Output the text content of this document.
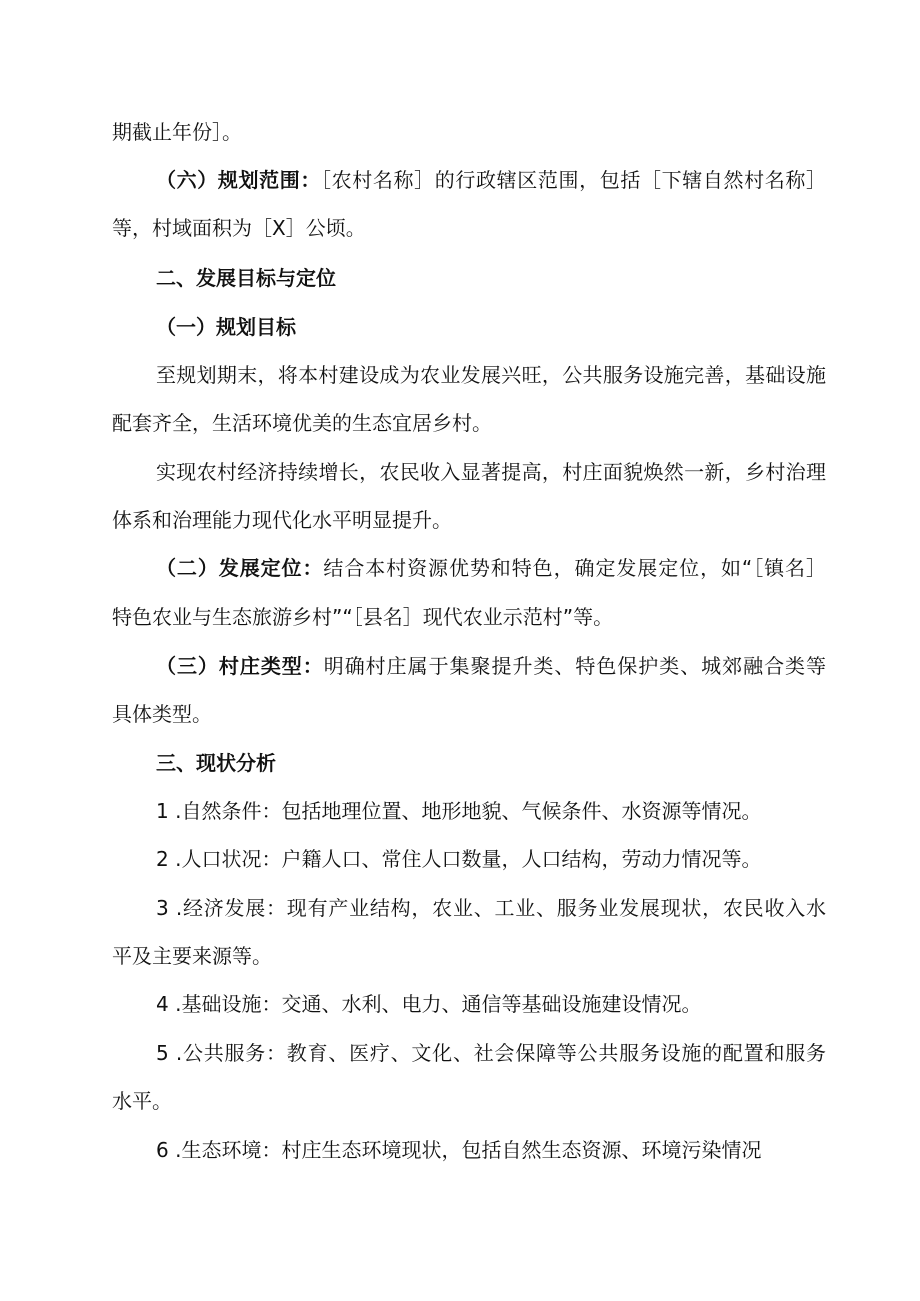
期截止年份］。
（六）规划范围：［农村名称］的行政辖区范围，包括［下辖自然村名称］
等，村域面积为［X］公顷。
二、发展目标与定位
（一）规划目标
至规划期末，将本村建设成为农业发展兴旺，公共服务设施完善，基础设施
配套齐全，生活环境优美的生态宜居乡村。
实现农村经济持续增长，农民收入显著提高，村庄面貌焕然一新，乡村治理
体系和治理能力现代化水平明显提升。
（二）发展定位：结合本村资源优势和特色，确定发展定位，如“［镇名］
特色农业与生态旅游乡村”“［县名］现代农业示范村”等。
（三）村庄类型：明确村庄属于集聚提升类、特色保护类、城郊融合类等
具体类型。
三、现状分析
1 .自然条件：包括地理位置、地形地貌、气候条件、水资源等情况。
2 .人口状况：户籍人口、常住人口数量，人口结构，劳动力情况等。
3 .经济发展：现有产业结构，农业、工业、服务业发展现状，农民收入水
平及主要来源等。
4 .基础设施：交通、水利、电力、通信等基础设施建设情况。
5 .公共服务：教育、医疗、文化、社会保障等公共服务设施的配置和服务
水平。
6 .生态环境：村庄生态环境现状，包括自然生态资源、环境污染情况
